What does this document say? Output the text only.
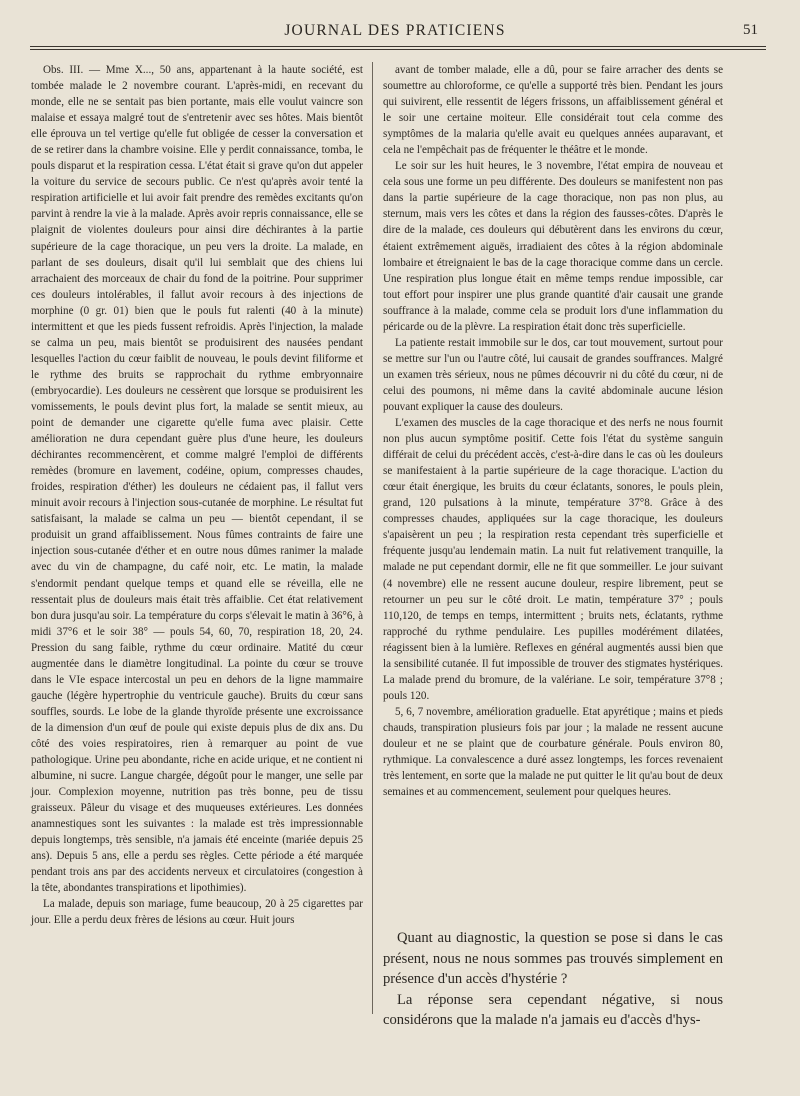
JOURNAL DES PRATICIENS	51

Obs. III. — Mme X..., 50 ans, appartenant à la haute société, est tombée malade le 2 novembre courant. L'après-midi, en recevant du monde, elle ne se sentait pas bien portante, mais elle voulut vaincre son malaise et essaya malgré tout de s'entretenir avec ses hôtes. Mais bientôt elle éprouva un tel vertige qu'elle fut obligée de cesser la conversation et de se retirer dans la chambre voisine. Elle y perdit connaissance, tomba, le pouls disparut et la respiration cessa. L'état était si grave qu'on dut appeler la voiture du service de secours public. Ce n'est qu'après avoir tenté la respiration artificielle et lui avoir fait prendre des remèdes excitants qu'on parvint à rendre la vie à la malade. Après avoir repris connaissance, elle se plaignit de violentes douleurs pour ainsi dire déchirantes à la partie supérieure de la cage thoracique, un peu vers la droite. La malade, en parlant de ses douleurs, disait qu'il lui semblait que des chiens lui arrachaient des morceaux de chair du fond de la poitrine. Pour supprimer ces douleurs intolérables, il fallut avoir recours à des injections de morphine (0 gr. 01) bien que le pouls fut ralenti (40 à la minute) intermittent et que les pieds fussent refroidis. Après l'injection, la malade se calma un peu, mais bientôt se produisirent des nausées pendant lesquelles l'action du cœur faiblit de nouveau, le pouls devint filiforme et le rythme des bruits se rapprochait du rythme embryonnaire (embryocardie). Les douleurs ne cessèrent que lorsque se produisirent les vomissements, le pouls devint plus fort, la malade se sentit mieux, au point de demander une cigarette qu'elle fuma avec plaisir. Cette amélioration ne dura cependant guère plus d'une heure, les douleurs déchirantes recommencèrent, et comme malgré l'emploi de différents remèdes (bromure en lavement, codéine, opium, compresses chaudes, froides, respiration d'éther) les douleurs ne cédaient pas, il fallut vers minuit avoir recours à l'injection sous-cutanée de morphine. Le résultat fut satisfaisant, la malade se calma un peu — bientôt cependant, il se produisit un grand affaiblissement. Nous fûmes contraints de faire une injection sous-cutanée d'éther et en outre nous dûmes ranimer la malade avec du vin de champagne, du café noir, etc. Le matin, la malade s'endormit pendant quelque temps et quand elle se réveilla, elle ne ressentait plus de douleurs mais était très affaiblie. Cet état relativement bon dura jusqu'au soir. La température du corps s'élevait le matin à 36°6, à midi 37°6 et le soir 38° — pouls 54, 60, 70, respiration 18, 20, 24. Pression du sang faible, rythme du cœur ordinaire. Matité du cœur augmentée dans le diamètre longitudinal. La pointe du cœur se trouve dans le VIe espace intercostal un peu en dehors de la ligne mammaire gauche (légère hypertrophie du ventricule gauche). Bruits du cœur sans souffles, sourds. Le lobe de la glande thyroïde présente une excroissance de la dimension d'un œuf de poule qui existe depuis plus de dix ans. Du côté des voies respiratoires, rien à remarquer au point de vue pathologique. Urine peu abondante, riche en acide urique, et ne contient ni albumine, ni sucre. Langue chargée, dégoût pour le manger, une selle par jour. Complexion moyenne, nutrition pas très bonne, peu de tissu graisseux. Pâleur du visage et des muqueuses extérieures. Les données anamnestiques sont les suivantes : la malade est très impressionnable depuis longtemps, très sensible, n'a jamais été enceinte (mariée depuis 25 ans). Depuis 5 ans, elle a perdu ses règles. Cette période a été marquée pendant trois ans par des accidents nerveux et circulatoires (congestion à la tête, abondantes transpirations et lipothimies).

La malade, depuis son mariage, fume beaucoup, 20 à 25 cigarettes par jour. Elle a perdu deux frères de lésions au cœur. Huit jours

avant de tomber malade, elle a dû, pour se faire arracher des dents se soumettre au chloroforme, ce qu'elle a supporté très bien. Pendant les jours qui suivirent, elle ressentit de légers frissons, un affaiblissement général et le soir une certaine moiteur. Elle considérait tout cela comme des symptômes de la malaria qu'elle avait eu quelques années auparavant, et cela ne l'empêchait pas de fréquenter le théâtre et le monde.

Le soir sur les huit heures, le 3 novembre, l'état empira de nouveau et cela sous une forme un peu différente. Des douleurs se manifestent non pas dans la partie supérieure de la cage thoracique, non pas non plus, au sternum, mais vers les côtes et dans la région des fausses-côtes. D'après le dire de la malade, ces douleurs qui débutèrent dans les environs du cœur, étaient extrêmement aiguës, irradiaient des côtes à la région abdominale lombaire et étreignaient le bas de la cage thoracique comme dans un cercle. Une respiration plus longue était en même temps rendue impossible, car tout effort pour inspirer une plus grande quantité d'air causait une grande souffrance à la malade, comme cela se produit lors d'une inflammation du péricarde ou de la plèvre. La respiration était donc très superficielle.

La patiente restait immobile sur le dos, car tout mouvement, surtout pour se mettre sur l'un ou l'autre côté, lui causait de grandes souffrances. Malgré un examen très sérieux, nous ne pûmes découvrir ni du côté du cœur, ni de celui des poumons, ni même dans la cavité abdominale aucune lésion pouvant expliquer la cause des douleurs.

L'examen des muscles de la cage thoracique et des nerfs ne nous fournit non plus aucun symptôme positif. Cette fois l'état du système sanguin différait de celui du précédent accès, c'est-à-dire dans le cas où les douleurs se manifestaient à la partie supérieure de la cage thoracique. L'action du cœur était énergique, les bruits du cœur éclatants, sonores, le pouls plein, grand, 120 pulsations à la minute, température 37°8. Grâce à des compresses chaudes, appliquées sur la cage thoracique, les douleurs s'apaisèrent un peu ; la respiration resta cependant très superficielle et fréquente jusqu'au lendemain matin. La nuit fut relativement tranquille, la malade ne put cependant dormir, elle ne fit que sommeiller. Le jour suivant (4 novembre) elle ne ressent aucune douleur, respire librement, peut se retourner un peu sur le côté droit. Le matin, température 37° ; pouls 110,120, de temps en temps, intermittent ; bruits nets, éclatants, rythme rapproché du rythme pendulaire. Les pupilles modérément dilatées, réagissent bien à la lumière. Reflexes en général augmentés aussi bien que la sensibilité cutanée. Il fut impossible de trouver des stigmates hystériques. La malade prend du bromure, de la valériane. Le soir, température 37°8 ; pouls 120.

5, 6, 7 novembre, amélioration graduelle. Etat apyrétique ; mains et pieds chauds, transpiration plusieurs fois par jour ; la malade ne ressent aucune douleur et ne se plaint que de courbature générale. Pouls environ 80, rythmique. La convalescence a duré assez longtemps, les forces revenaient très lentement, en sorte que la malade ne put quitter le lit qu'au bout de deux semaines et au commencement, seulement pour quelques heures.

Quant au diagnostic, la question se pose si dans le cas présent, nous ne nous sommes pas trouvés simplement en présence d'un accès d'hystérie ?

La réponse sera cependant négative, si nous considérons que la malade n'a jamais eu d'accès d'hys-
